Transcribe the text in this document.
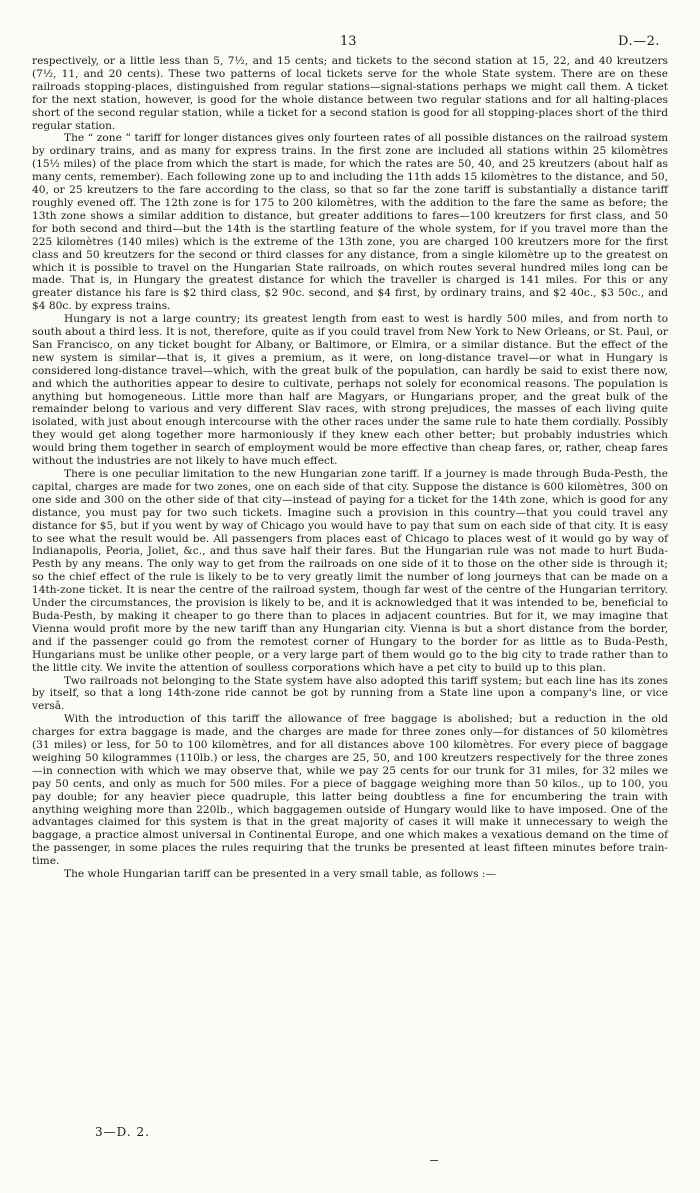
13	D.—2.

respectively, or a little less than 5, 7½, and 15 cents; and tickets to the second station at 15, 22, and 40 kreutzers (7½, 11, and 20 cents). These two patterns of local tickets serve for the whole State system. There are on these railroads stopping-places, distinguished from regular stations—signal-stations perhaps we might call them. A ticket for the next station, however, is good for the whole distance between two regular stations and for all halting-places short of the second regular station, while a ticket for a second station is good for all stopping-places short of the third regular station.

The “ zone ” tariff for longer distances gives only fourteen rates of all possible distances on the railroad system by ordinary trains, and as many for express trains. In the first zone are included all stations within 25 kilomètres (15½ miles) of the place from which the start is made, for which the rates are 50, 40, and 25 kreutzers (about half as many cents, remember). Each following zone up to and including the 11th adds 15 kilomètres to the distance, and 50, 40, or 25 kreutzers to the fare according to the class, so that so far the zone tariff is substantially a distance tariff roughly evened off. The 12th zone is for 175 to 200 kilomètres, with the addition to the fare the same as before; the 13th zone shows a similar addition to distance, but greater additions to fares—100 kreutzers for first class, and 50 for both second and third—but the 14th is the startling feature of the whole system, for if you travel more than the 225 kilomètres (140 miles) which is the extreme of the 13th zone, you are charged 100 kreutzers more for the first class and 50 kreutzers for the second or third classes for any distance, from a single kilomètre up to the greatest on which it is possible to travel on the Hungarian State railroads, on which routes several hundred miles long can be made. That is, in Hungary the greatest distance for which the traveller is charged is 141 miles. For this or any greater distance his fare is $2 third class, $2 90c. second, and $4 first, by ordinary trains, and $2 40c., $3 50c., and $4 80c. by express trains.

Hungary is not a large country; its greatest length from east to west is hardly 500 miles, and from north to south about a third less. It is not, therefore, quite as if you could travel from New York to New Orleans, or St. Paul, or San Francisco, on any ticket bought for Albany, or Baltimore, or Elmira, or a similar distance. But the effect of the new system is similar—that is, it gives a premium, as it were, on long-distance travel—or what in Hungary is considered long-distance travel—which, with the great bulk of the population, can hardly be said to exist there now, and which the authorities appear to desire to cultivate, perhaps not solely for economical reasons. The population is anything but homogeneous. Little more than half are Magyars, or Hungarians proper, and the great bulk of the remainder belong to various and very different Slav races, with strong prejudices, the masses of each living quite isolated, with just about enough intercourse with the other races under the same rule to hate them cordially. Possibly they would get along together more harmoniously if they knew each other better; but probably industries which would bring them together in search of employment would be more effective than cheap fares, or, rather, cheap fares without the industries are not likely to have much effect.

There is one peculiar limitation to the new Hungarian zone tariff. If a journey is made through Buda-Pesth, the capital, charges are made for two zones, one on each side of that city. Suppose the distance is 600 kilomètres, 300 on one side and 300 on the other side of that city—instead of paying for a ticket for the 14th zone, which is good for any distance, you must pay for two such tickets. Imagine such a provision in this country—that you could travel any distance for $5, but if you went by way of Chicago you would have to pay that sum on each side of that city. It is easy to see what the result would be. All passengers from places east of Chicago to places west of it would go by way of Indianapolis, Peoria, Joliet, &c., and thus save half their fares. But the Hungarian rule was not made to hurt Buda-Pesth by any means. The only way to get from the railroads on one side of it to those on the other side is through it; so the chief effect of the rule is likely to be to very greatly limit the number of long journeys that can be made on a 14th-zone ticket. It is near the centre of the railroad system, though far west of the centre of the Hungarian territory. Under the circumstances, the provision is likely to be, and it is acknowledged that it was intended to be, beneficial to Buda-Pesth, by making it cheaper to go there than to places in adjacent countries. But for it, we may imagine that Vienna would profit more by the new tariff than any Hungarian city. Vienna is but a short distance from the border, and if the passenger could go from the remotest corner of Hungary to the border for as little as to Buda-Pesth, Hungarians must be unlike other people, or a very large part of them would go to the big city to trade rather than to the little city. We invite the attention of soulless corporations which have a pet city to build up to this plan.

Two railroads not belonging to the State system have also adopted this tariff system; but each line has its zones by itself, so that a long 14th-zone ride cannot be got by running from a State line upon a company's line, or vice versâ.

With the introduction of this tariff the allowance of free baggage is abolished; but a reduction in the old charges for extra baggage is made, and the charges are made for three zones only—for distances of 50 kilomètres (31 miles) or less, for 50 to 100 kilomètres, and for all distances above 100 kilomètres. For every piece of baggage weighing 50 kilogrammes (110lb.) or less, the charges are 25, 50, and 100 kreutzers respectively for the three zones—in connection with which we may observe that, while we pay 25 cents for our trunk for 31 miles, for 32 miles we pay 50 cents, and only as much for 500 miles. For a piece of baggage weighing more than 50 kilos., up to 100, you pay double; for any heavier piece quadruple, this latter being doubtless a fine for encumbering the train with anything weighing more than 220lb., which baggagemen outside of Hungary would like to have imposed. One of the advantages claimed for this system is that in the great majority of cases it will make it unnecessary to weigh the baggage, a practice almost universal in Continental Europe, and one which makes a vexatious demand on the time of the passenger, in some places the rules requiring that the trunks be presented at least fifteen minutes before train-time.

The whole Hungarian tariff can be presented in a very small table, as follows :—

3—D. 2.
